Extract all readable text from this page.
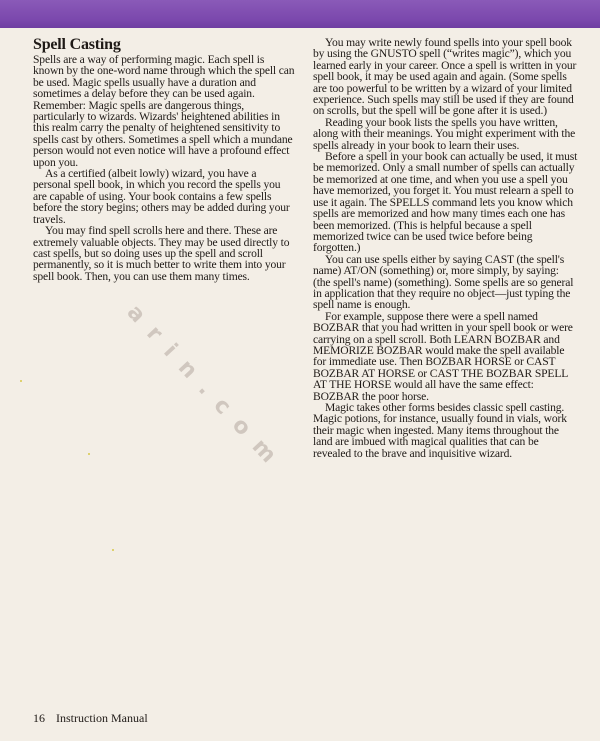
Spell Casting

Spells are a way of performing magic. Each spell is known by the one-word name through which the spell can be used. Magic spells usually have a duration and sometimes a delay before they can be used again. Remember: Magic spells are dangerous things, particularly to wizards. Wizards' heightened abilities in this realm carry the penalty of heightened sensitivity to spells cast by others. Sometimes a spell which a mundane person would not even notice will have a profound effect upon you.

As a certified (albeit lowly) wizard, you have a personal spell book, in which you record the spells you are capable of using. Your book contains a few spells before the story begins; others may be added during your travels.

You may find spell scrolls here and there. These are extremely valuable objects. They may be used directly to cast spells, but so doing uses up the spell and scroll permanently, so it is much better to write them into your spell book. Then, you can use them many times.

You may write newly found spells into your spell book by using the GNUSTO spell (“writes magic”), which you learned early in your career. Once a spell is written in your spell book, it may be used again and again. (Some spells are too powerful to be written by a wizard of your limited experience. Such spells may still be used if they are found on scrolls, but the spell will be gone after it is used.)

Reading your book lists the spells you have written, along with their meanings. You might experiment with the spells already in your book to learn their uses.

Before a spell in your book can actually be used, it must be memorized. Only a small number of spells can actually be memorized at one time, and when you use a spell you have memorized, you forget it. You must relearn a spell to use it again. The SPELLS command lets you know which spells are memorized and how many times each one has been memorized. (This is helpful because a spell memorized twice can be used twice before being forgotten.)

You can use spells either by saying CAST (the spell's name) AT/ON (something) or, more simply, by saying: (the spell's name) (something). Some spells are so general in application that they require no object—just typing the spell name is enough.

For example, suppose there were a spell named BOZBAR that you had written in your spell book or were carrying on a spell scroll. Both LEARN BOZBAR and MEMORIZE BOZBAR would make the spell available for immediate use. Then BOZBAR HORSE or CAST BOZBAR AT HORSE or CAST THE BOZBAR SPELL AT THE HORSE would all have the same effect: BOZBAR the poor horse.

Magic takes other forms besides classic spell casting. Magic potions, for instance, usually found in vials, work their magic when ingested. Many items throughout the land are imbued with magical qualities that can be revealed to the brave and inquisitive wizard.

arin.com
16 Instruction Manual
